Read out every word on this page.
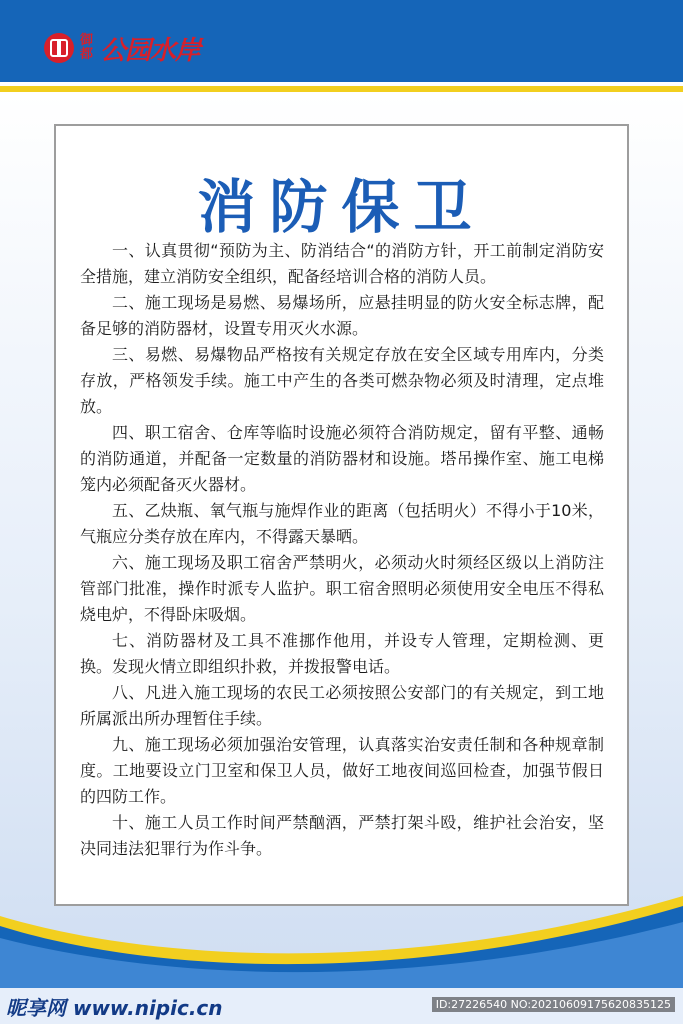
御都 公园水岸
消防保卫

一、认真贯彻“预防为主、防消结合“的消防方针，开工前制定消防安全措施，建立消防安全组织，配备经培训合格的消防人员。

二、施工现场是易燃、易爆场所，应悬挂明显的防火安全标志牌，配备足够的消防器材，设置专用灭火水源。

三、易燃、易爆物品严格按有关规定存放在安全区域专用库内，分类存放，严格领发手续。施工中产生的各类可燃杂物必须及时清理，定点堆放。

四、职工宿舍、仓库等临时设施必须符合消防规定，留有平整、通畅的消防通道，并配备一定数量的消防器材和设施。塔吊操作室、施工电梯笼内必须配备灭火器材。

五、乙炔瓶、氧气瓶与施焊作业的距离（包括明火）不得小于10米，气瓶应分类存放在库内，不得露天暴晒。

六、施工现场及职工宿舍严禁明火，必须动火时须经区级以上消防注管部门批准，操作时派专人监护。职工宿舍照明必须使用安全电压不得私烧电炉，不得卧床吸烟。

七、消防器材及工具不准挪作他用，并设专人管理，定期检测、更换。发现火情立即组织扑救，并拨报警电话。

八、凡进入施工现场的农民工必须按照公安部门的有关规定，到工地所属派出所办理暂住手续。

九、施工现场必须加强治安管理，认真落实治安责任制和各种规章制度。工地要设立门卫室和保卫人员，做好工地夜间巡回检查，加强节假日的四防工作。

十、施工人员工作时间严禁酗酒，严禁打架斗殴，维护社会治安，坚决同违法犯罪行为作斗争。

昵享网 www.nipic.cn	ID:27226540 NO:20210609175620835125
